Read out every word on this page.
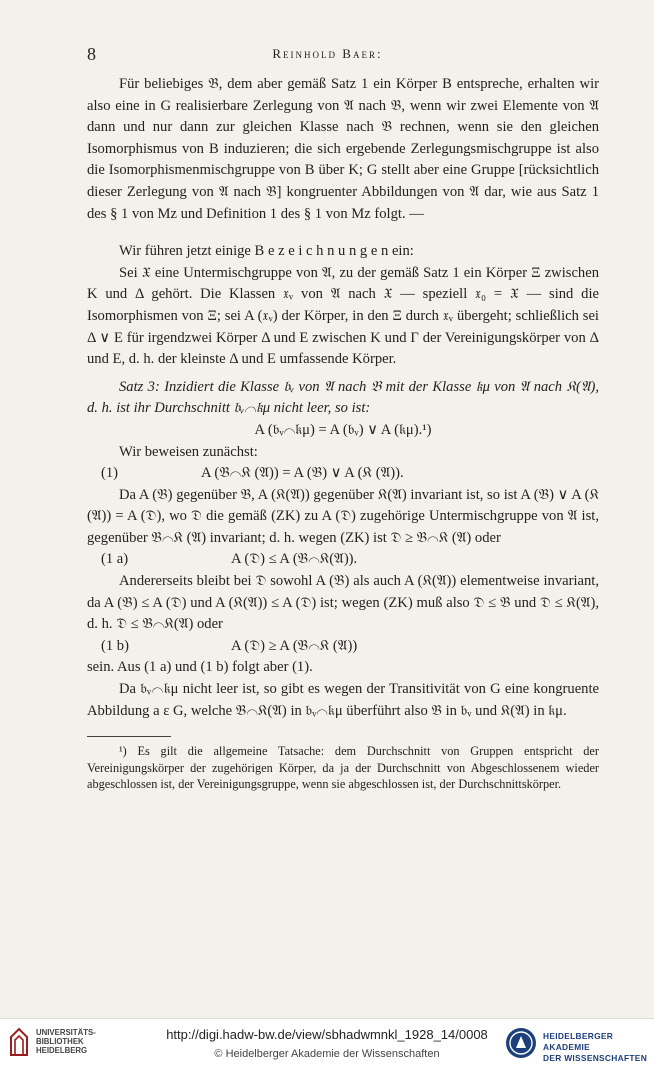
8	Reinhold Baer:

Für beliebiges 𝔅, dem aber gemäß Satz 1 ein Körper B entspreche, erhalten wir also eine in G realisierbare Zerlegung von 𝔄 nach 𝔅, wenn wir zwei Elemente von 𝔄 dann und nur dann zur gleichen Klasse nach 𝔅 rechnen, wenn sie den gleichen Isomorphismus von B induzieren; die sich ergebende Zerlegungsmischgruppe ist also die Isomorphismenmischgruppe von B über K; G stellt aber eine Gruppe [rücksichtlich dieser Zerlegung von 𝔄 nach 𝔅] kongruenter Abbildungen von 𝔄 dar, wie aus Satz 1 des § 1 von Mz und Definition 1 des § 1 von Mz folgt. —

Wir führen jetzt einige B e z e i c h n u n g e n ein:

Sei 𝔛 eine Untermischgruppe von 𝔄, zu der gemäß Satz 1 ein Körper Ξ zwischen K und Δ gehört. Die Klassen 𝔵ᵥ von 𝔄 nach 𝔛 — speziell 𝔵₀ = 𝔛 — sind die Isomorphismen von Ξ; sei A (𝔵ᵥ) der Körper, in den Ξ durch 𝔵ᵥ übergeht; schließlich sei Δ ∨ E für irgendzwei Körper Δ und E zwischen K und Γ der Vereinigungskörper von Δ und E, d. h. der kleinste Δ und E umfassende Körper.

Satz 3: Inzidiert die Klasse 𝔟ᵥ von 𝔄 nach 𝔅 mit der Klasse 𝔨μ von 𝔄 nach 𝔎(𝔄), d. h. ist ihr Durchschnitt 𝔟ᵥ⌒𝔨μ nicht leer, so ist:

A (𝔟ᵥ⌒𝔨μ) = A (𝔟ᵥ) ∨ A (𝔨μ).¹)

Wir beweisen zunächst:

(1)	A (𝔅⌒𝔎 (𝔄)) = A (𝔅) ∨ A (𝔎 (𝔄)).

Da A (𝔅) gegenüber 𝔅, A (𝔎(𝔄)) gegenüber 𝔎(𝔄) invariant ist, so ist A (𝔅) ∨ A (𝔎 (𝔄)) = A (𝔇), wo 𝔇 die gemäß (ZK) zu A (𝔇) zugehörige Untermischgruppe von 𝔄 ist, gegenüber 𝔅⌒𝔎 (𝔄) invariant; d. h. wegen (ZK) ist 𝔇 ≥ 𝔅⌒𝔎 (𝔄) oder

(1 a)	A (𝔇) ≤ A (𝔅⌒𝔎(𝔄)).

Andererseits bleibt bei 𝔇 sowohl A (𝔅) als auch A (𝔎(𝔄)) elementweise invariant, da A (𝔅) ≤ A (𝔇) und A (𝔎(𝔄)) ≤ A (𝔇) ist; wegen (ZK) muß also 𝔇 ≤ 𝔅 und 𝔇 ≤ 𝔎(𝔄), d. h. 𝔇 ≤ 𝔅⌒𝔎(𝔄) oder

(1 b)	A (𝔇) ≥ A (𝔅⌒𝔎 (𝔄))

sein. Aus (1 a) und (1 b) folgt aber (1).

Da 𝔟ᵥ⌒𝔨μ nicht leer ist, so gibt es wegen der Transitivität von G eine kongruente Abbildung a ε G, welche 𝔅⌒𝔎(𝔄) in 𝔟ᵥ⌒𝔨μ überführt also 𝔅 in 𝔟ᵥ und 𝔎(𝔄) in 𝔨μ.

¹) Es gilt die allgemeine Tatsache: dem Durchschnitt von Gruppen entspricht der Vereinigungskörper der zugehörigen Körper, da ja der Durchschnitt von Abgeschlossenem wieder abgeschlossen ist, der Vereinigungsgruppe, wenn sie abgeschlossen ist, der Durchschnittskörper.

UNIVERSITÄTS- BIBLIOTHEK HEIDELBERG
http://digi.hadw-bw.de/view/sbhadwmnkl_1928_14/0008
© Heidelberger Akademie der Wissenschaften
HEIDELBERGER AKADEMIE
DER WISSENSCHAFTEN
